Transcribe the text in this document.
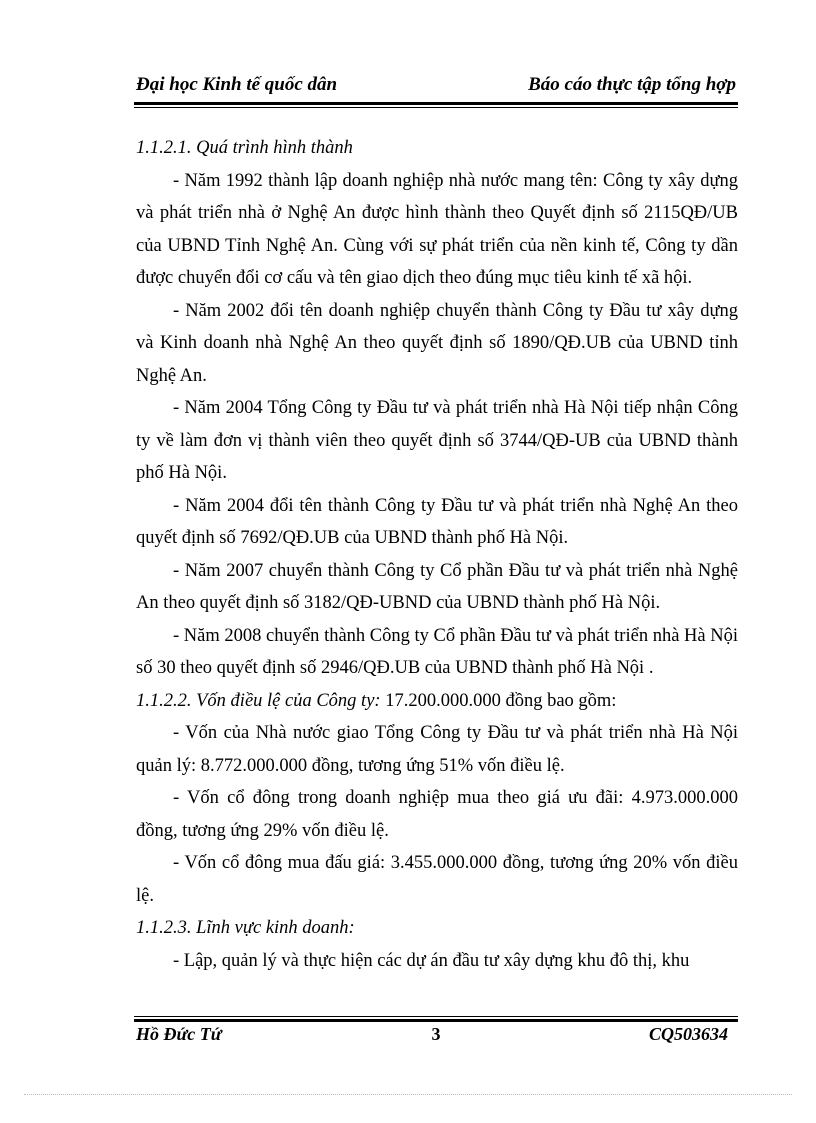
Đại học Kinh tế quốc dân	Báo cáo thực tập tổng hợp

1.1.2.1. Quá trình hình thành

- Năm 1992 thành lập doanh nghiệp nhà nước mang tên: Công ty xây dựng và phát triển nhà ở Nghệ An được hình thành theo Quyết định số 2115QĐ/UB của UBND Tỉnh Nghệ An. Cùng với sự phát triển của nền kinh tế, Công ty dần được chuyển đổi cơ cấu và tên giao dịch theo đúng mục tiêu kinh tế xã hội.

- Năm 2002 đổi tên doanh nghiệp chuyển thành Công ty Đầu tư xây dựng và Kinh doanh nhà Nghệ An theo quyết định số 1890/QĐ.UB của UBND tỉnh Nghệ An.

- Năm 2004 Tổng Công ty Đầu tư và phát triển nhà Hà Nội tiếp nhận Công ty về làm đơn vị thành viên theo quyết định số 3744/QĐ-UB của UBND thành phố Hà Nội.

- Năm 2004 đổi tên thành Công ty Đầu tư và phát triển nhà Nghệ An theo quyết định số 7692/QĐ.UB của UBND thành phố Hà Nội.

- Năm 2007 chuyển thành Công ty Cổ phần Đầu tư và phát triển nhà Nghệ An theo quyết định số 3182/QĐ-UBND của UBND thành phố Hà Nội.

- Năm 2008 chuyển thành Công ty Cổ phần Đầu tư và phát triển nhà Hà Nội số 30 theo quyết định số 2946/QĐ.UB của UBND thành phố Hà Nội .

1.1.2.2. Vốn điều lệ của Công ty: 17.200.000.000 đồng bao gồm:

- Vốn của Nhà nước giao Tổng Công ty Đầu tư và phát triển nhà Hà Nội quản lý: 8.772.000.000 đồng, tương ứng 51% vốn điều lệ.

- Vốn cổ đông trong doanh nghiệp mua theo giá ưu đãi: 4.973.000.000 đồng, tương ứng 29% vốn điều lệ.

- Vốn cổ đông mua đấu giá: 3.455.000.000 đồng, tương ứng 20% vốn điều lệ.

1.1.2.3. Lĩnh vực kinh doanh:

- Lập, quản lý và thực hiện các dự án đầu tư xây dựng khu đô thị, khu

Hồ Đức Tứ	3	CQ503634
